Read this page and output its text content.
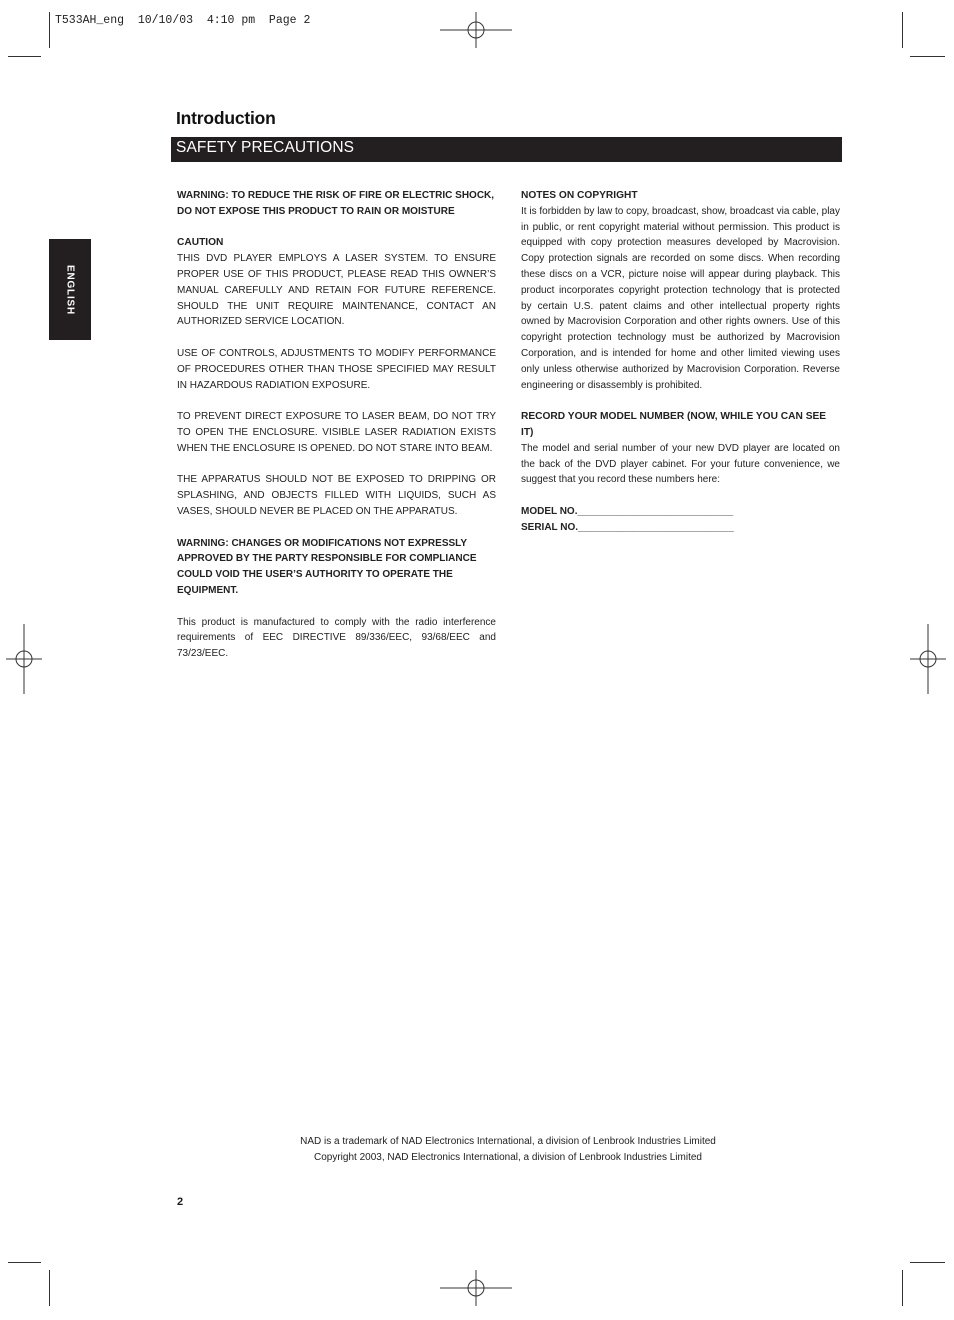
T533AH_eng  10/10/03  4:10 pm  Page 2
Introduction
SAFETY PRECAUTIONS
ENGLISH

WARNING: TO REDUCE THE RISK OF FIRE OR ELECTRIC SHOCK, DO NOT EXPOSE THIS PRODUCT TO RAIN OR MOISTURE

CAUTION

THIS DVD PLAYER EMPLOYS A LASER SYSTEM. TO ENSURE PROPER USE OF THIS PRODUCT, PLEASE READ THIS OWNER’S MANUAL CAREFULLY AND RETAIN FOR FUTURE REFERENCE. SHOULD THE UNIT REQUIRE MAINTENANCE, CONTACT AN AUTHORIZED SERVICE LOCATION.

USE OF CONTROLS, ADJUSTMENTS TO MODIFY PERFORMANCE OF PROCEDURES OTHER THAN THOSE SPECIFIED MAY RESULT IN HAZARDOUS RADIATION EXPOSURE.

TO PREVENT DIRECT EXPOSURE TO LASER BEAM, DO NOT TRY TO OPEN THE ENCLOSURE. VISIBLE LASER RADIATION EXISTS WHEN THE ENCLOSURE IS OPENED. DO NOT STARE INTO BEAM.

THE APPARATUS SHOULD NOT BE EXPOSED TO DRIPPING OR SPLASHING, AND OBJECTS FILLED WITH LIQUIDS, SUCH AS VASES, SHOULD NEVER BE PLACED ON THE APPARATUS.

WARNING: CHANGES OR MODIFICATIONS NOT EXPRESSLY APPROVED BY THE PARTY RESPONSIBLE FOR COMPLIANCE COULD VOID THE USER’S AUTHORITY TO OPERATE THE EQUIPMENT.

This product is manufactured to comply with the radio interference requirements of EEC DIRECTIVE 89/336/EEC, 93/68/EEC and 73/23/EEC.

NOTES ON COPYRIGHT

It is forbidden by law to copy, broadcast, show, broadcast via cable, play in public, or rent copyright material without permission. This product is equipped with copy protection measures developed by Macrovision. Copy protection signals are recorded on some discs. When recording these discs on a VCR, picture noise will appear during playback. This product incorporates copyright protection technology that is protected by certain U.S. patent claims and other intellectual property rights owned by Macrovision Corporation and other rights owners. Use of this copyright protection technology must be authorized by Macrovision Corporation, and is intended for home and other limited viewing uses only unless otherwise authorized by Macrovision Corporation. Reverse engineering or disassembly is prohibited.

RECORD YOUR MODEL NUMBER (NOW, WHILE YOU CAN SEE IT)

The model and serial number of your new DVD player are located on the back of the DVD player cabinet. For your future convenience, we suggest that you record these numbers here:

MODEL NO.____________________________
SERIAL NO.____________________________
NAD is a trademark of NAD Electronics International, a division of Lenbrook Industries Limited
Copyright 2003, NAD Electronics International, a division of Lenbrook Industries Limited
2
